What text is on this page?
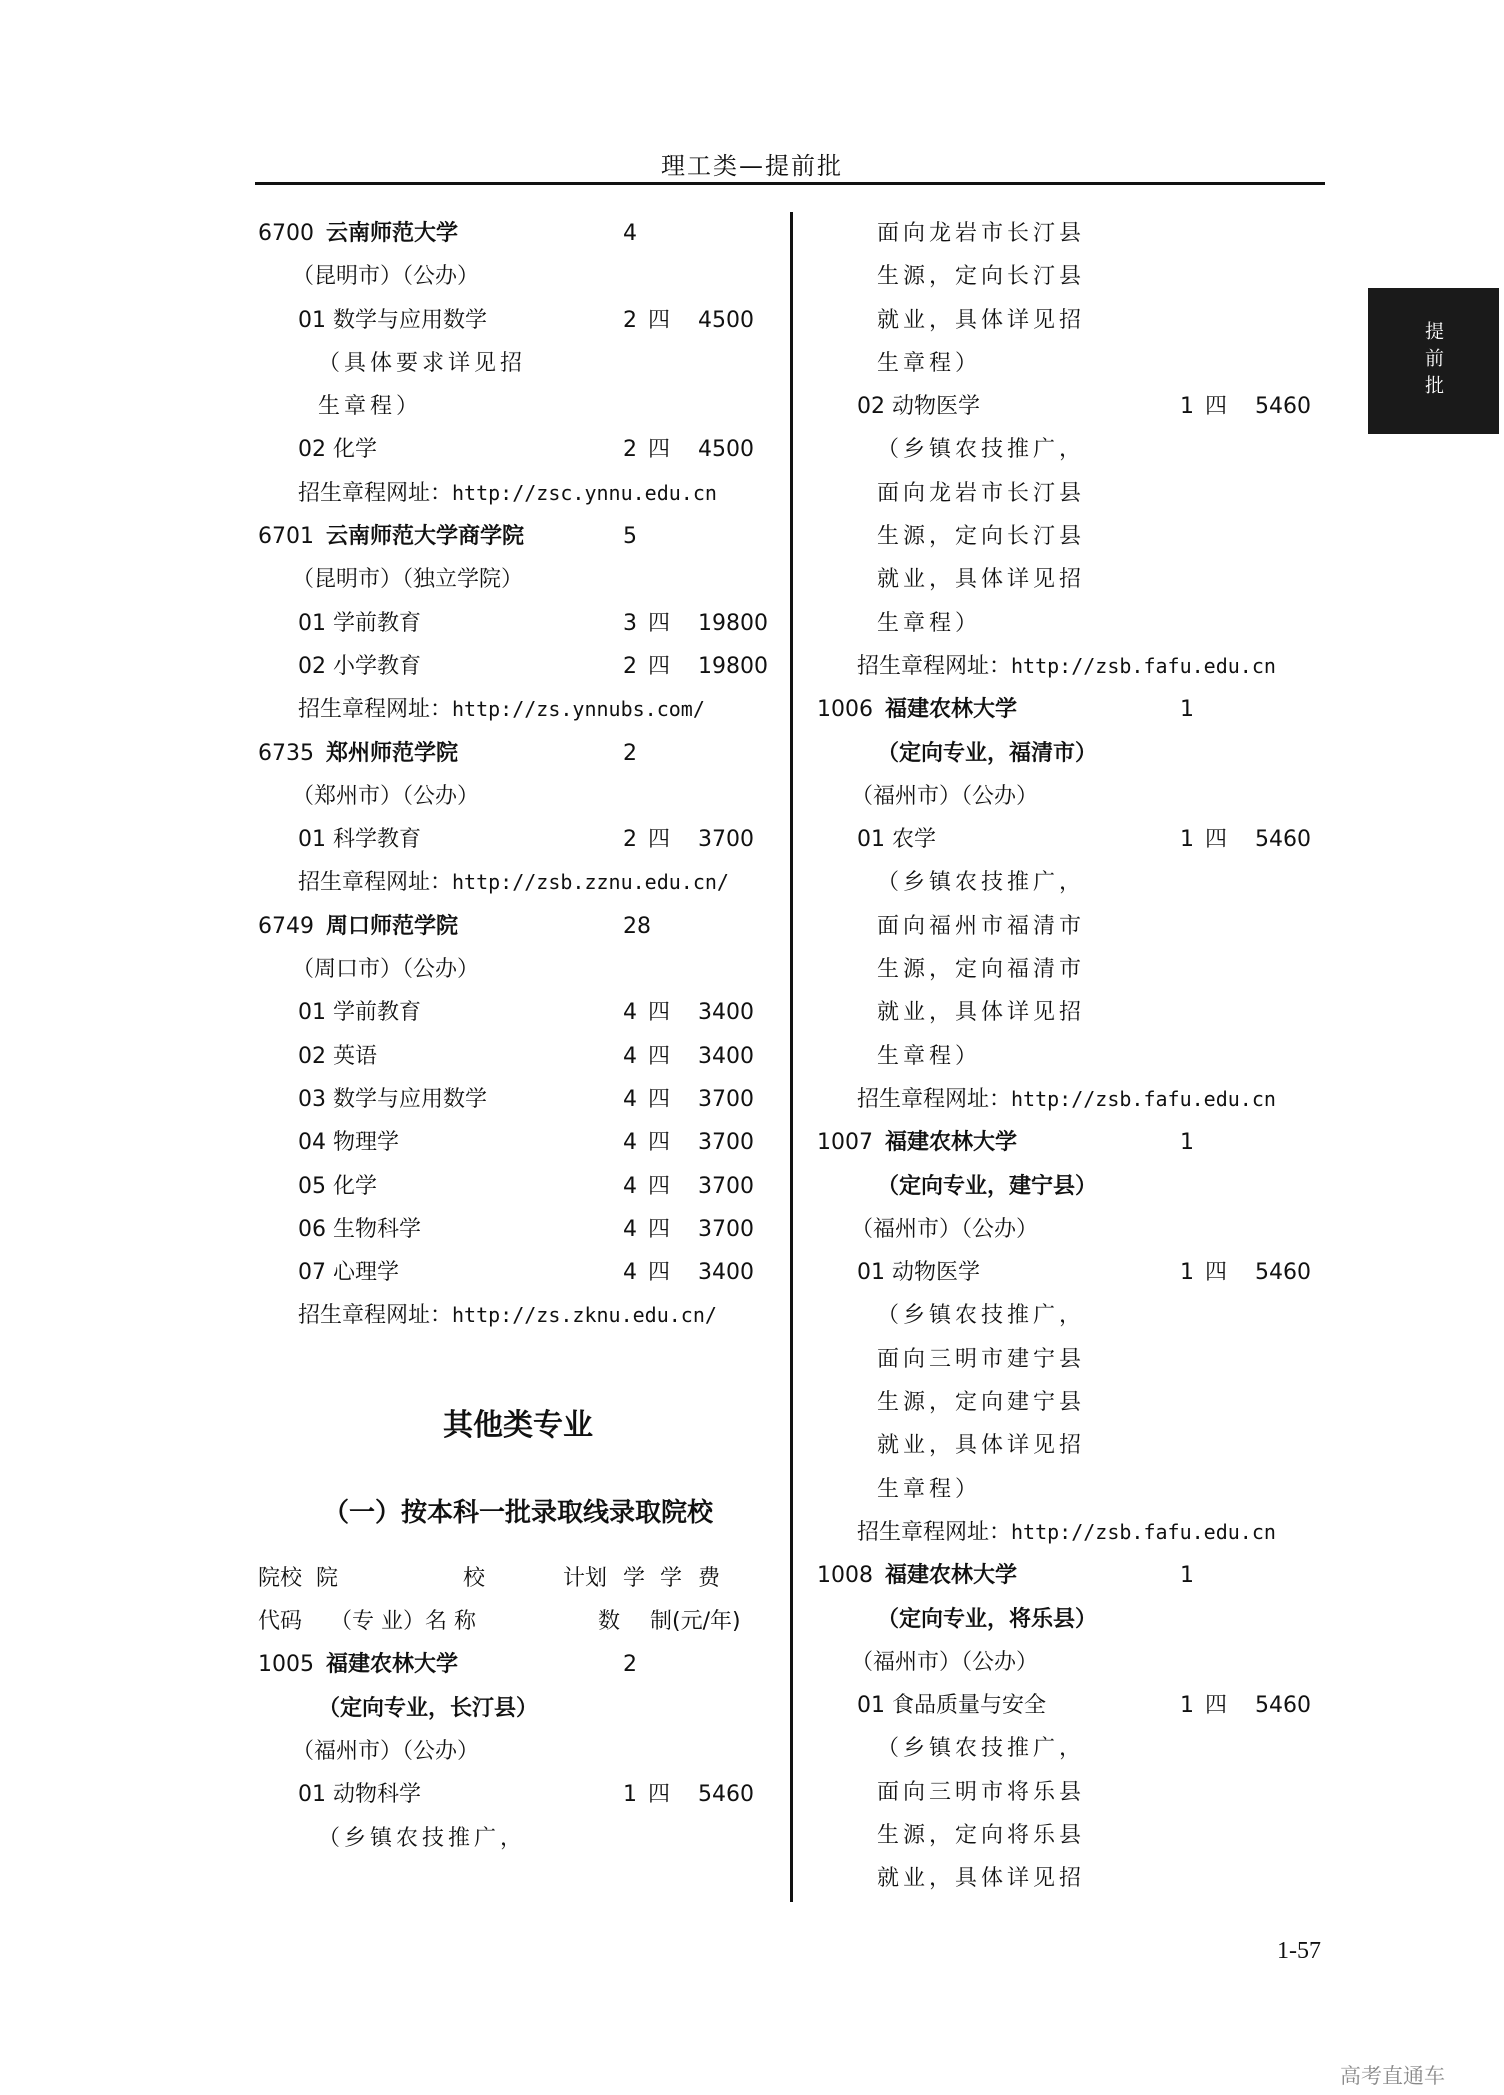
理工类—提前批
提前批
6700 云南师范大学	4
（昆明市）（公办）
01 数学与应用数学	2 四 4500
（具体要求详见招
生章程）
02 化学	2 四 4500
招生章程网址：http://zsc.ynnu.edu.cn
6701 云南师范大学商学院	5
（昆明市）（独立学院）
01 学前教育	3 四 19800
02 小学教育	2 四 19800
招生章程网址：http://zs.ynnubs.com/
6735 郑州师范学院	2
（郑州市）（公办）
01 科学教育	2 四 3700
招生章程网址：http://zsb.zznu.edu.cn/
6749 周口师范学院	28
（周口市）（公办）
01 学前教育	4 四 3400
02 英语	4 四 3400
03 数学与应用数学	4 四 3700
04 物理学	4 四 3700
05 化学	4 四 3700
06 生物科学	4 四 3700
07 心理学	4 四 3400
招生章程网址：http://zs.zknu.edu.cn/
其他类专业
（一）按本科一批录取线录取院校
院校 院	校	计划 学 学 费
代码 （专 业）名 称	数 制(元/年)
1005 福建农林大学	2
（定向专业，长汀县）
（福州市）（公办）
01 动物科学	1 四 5460
（乡镇农技推广，
面向龙岩市长汀县
生源，定向长汀县
就业，具体详见招
生章程）
02 动物医学	1 四 5460
（乡镇农技推广，
面向龙岩市长汀县
生源，定向长汀县
就业，具体详见招
生章程）
招生章程网址：http://zsb.fafu.edu.cn
1006 福建农林大学	1
（定向专业，福清市）
（福州市）（公办）
01 农学	1 四 5460
（乡镇农技推广，
面向福州市福清市
生源，定向福清市
就业，具体详见招
生章程）
招生章程网址：http://zsb.fafu.edu.cn
1007 福建农林大学	1
（定向专业，建宁县）
（福州市）（公办）
01 动物医学	1 四 5460
（乡镇农技推广，
面向三明市建宁县
生源，定向建宁县
就业，具体详见招
生章程）
招生章程网址：http://zsb.fafu.edu.cn
1008 福建农林大学	1
（定向专业，将乐县）
（福州市）（公办）
01 食品质量与安全	1 四 5460
（乡镇农技推广，
面向三明市将乐县
生源，定向将乐县
就业，具体详见招
1-57
高考直通车
